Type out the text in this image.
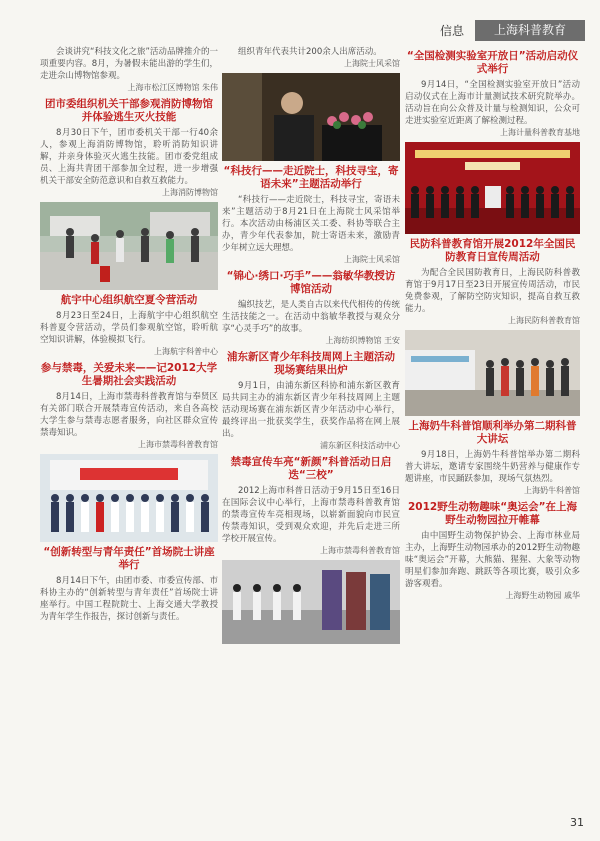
信息	上海科普教育

会谈讲究“科技文化之旅”活动品牌推介的一项重要内容。8月，为暑假未能出游的学生们，走进佘山博物馆参观。

上海市松江区博物馆 朱伟

团市委组织机关干部参观消防博物馆并体验逃生灭火技能

8月30日下午，团市委机关干部一行40余人，参观上海消防博物馆，聆听消防知识讲解，并亲身体验灭火逃生技能。团市委党组成员、上海共青团干部参加全过程，进一步增强机关干部安全防范意识和自救互救能力。

上海消防博物馆

航宇中心组织航空夏令营活动

8月23日至24日，上海航宇中心组织航空科普夏令营活动，学员们参观航空馆，聆听航空知识讲解，体验模拟飞行。

上海航宇科普中心

参与禁毒，关爱未来——记2012大学生暑期社会实践活动

8月14日，上海市禁毒科普教育馆与奉贤区有关部门联合开展禁毒宣传活动，来自各高校大学生参与禁毒志愿者服务，向社区群众宣传禁毒知识。

上海市禁毒科普教育馆

“创新转型与青年责任”首场院士讲座举行

8月14日下午，由团市委、市委宣传部、市科协主办的“创新转型与青年责任”首场院士讲座举行。中国工程院院士、上海交通大学教授为青年学生作报告，探讨创新与责任。

组织青年代表共计200余人出席活动。

上海院士风采馆

“科技行——走近院士，科技寻宝，寄语未来”主题活动举行

“科技行——走近院士，科技寻宝，寄语未来”主题活动于8月21日在上海院士风采馆举行。本次活动由杨浦区关工委、科协等联合主办，青少年代表参加，院士寄语未来，激励青少年树立远大理想。

上海院士风采馆

“锦心·绣口·巧手”——翁敏华教授访博馆活动

编织技艺，是人类自古以来代代相传的传统生活技能之一。在活动中翁敏华教授与观众分享“心灵手巧”的故事。

上海纺织博物馆 王安

浦东新区青少年科技周网上主题活动现场赛结果出炉

9月1日，由浦东新区科协和浦东新区教育局共同主办的浦东新区青少年科技周网上主题活动现场赛在浦东新区青少年活动中心举行，最终评出一批获奖学生，获奖作品将在网上展出。

浦东新区科技活动中心

禁毒宣传车亮“新颜”科普活动日启迭“三校”

2012上海市科普日活动于9月15日至16日在国际会议中心举行，上海市禁毒科普教育馆的禁毒宣传车亮相现场，以崭新面貌向市民宣传禁毒知识，受到观众欢迎，并先后走进三所学校开展宣传。

上海市禁毒科普教育馆

“全国检测实验室开放日”活动启动仪式举行

9月14日，“全国检测实验室开放日”活动启动仪式在上海市计量测试技术研究院举办。活动旨在向公众普及计量与检测知识，公众可走进实验室近距离了解检测过程。

上海计量科普教育基地

民防科普教育馆开展2012年全国民防教育日宣传周活动

为配合全民国防教育日，上海民防科普教育馆于9月17日至23日开展宣传周活动，市民免费参观，了解防空防灾知识，提高自救互救能力。

上海民防科普教育馆

上海奶牛科普馆顺利举办第二期科普大讲坛

9月18日，上海奶牛科普馆举办第二期科普大讲坛，邀请专家围绕牛奶营养与健康作专题讲座，市民踊跃参加，现场气氛热烈。

上海奶牛科普馆

2012野生动物趣味“奥运会”在上海野生动物园拉开帷幕

由中国野生动物保护协会、上海市林业局主办，上海野生动物园承办的2012野生动物趣味“奥运会”开幕，大熊猫、猩猩、大象等动物明星们参加奔跑、跳跃等各项比赛，吸引众多游客观看。

上海野生动物园 戚华

31
